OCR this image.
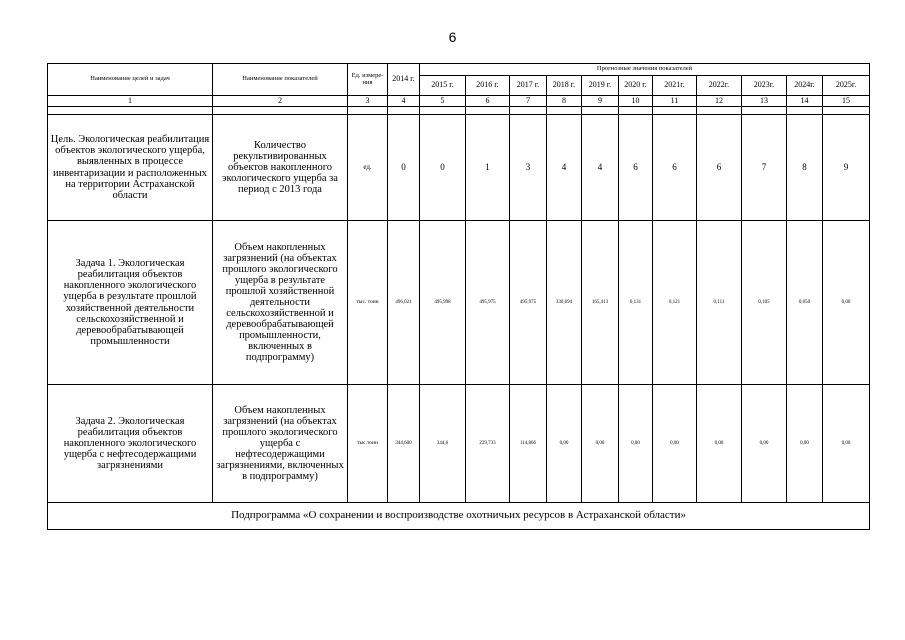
6
Наименование целей и задач	Наименование показателей	Ед. измере-ния	2014 г.	Прогнозные значения показателей										
				2015 г.	2016 г.	2017 г.	2018 г.	2019 г.	2020 г.	2021г.	2022г.	2023г.	2024г.	2025г.
1	2	3	4	5	6	7	8	9	10	11	12	13	14	15

Цель. Экологическая реабилитация объектов экологического ущерба, выявленных в процессе инвентаризации и расположенных на территории Астраханской области	Количество рекультивированных объектов накопленного экологического ущерба за период с 2013 года	ед.	0	0	1	3	4	4	6	6	6	7	8	9
Задача 1. Экологическая реабилитация объектов накопленного экологического ущерба в результате прошлой хозяйственной деятельности сельскохозяйственной и деревообрабатывающей промышленности	Объем накопленных загрязнений (на объектах прошлого экологического ущерба в результате прошлой хозяйственной деятельности сельскохозяйственной и деревообрабатывающей промышленности, включенных в подпрограмму)	тыс. тонн	496,021	495,998	495,975	495,975	330,694	165,413	0,131	0,121	0,111	0,105	0,050	0,00
Задача 2. Экологическая реабилитация объектов накопленного экологического ущерба с нефтесодержащими загрязнениями	Объем накопленных загрязнений (на объектах прошлого экологического ущерба с нефтесодержащими загрязнениями, включенных в подпрограмму)	тыс.тонн	344,600	344,6	229,733	114,866	0,00	0,00	0,00	0,00	0,00	0,00	0,00	0,00
Подпрограмма «О сохранении и воспроизводстве охотничьих ресурсов в Астраханской области»														
